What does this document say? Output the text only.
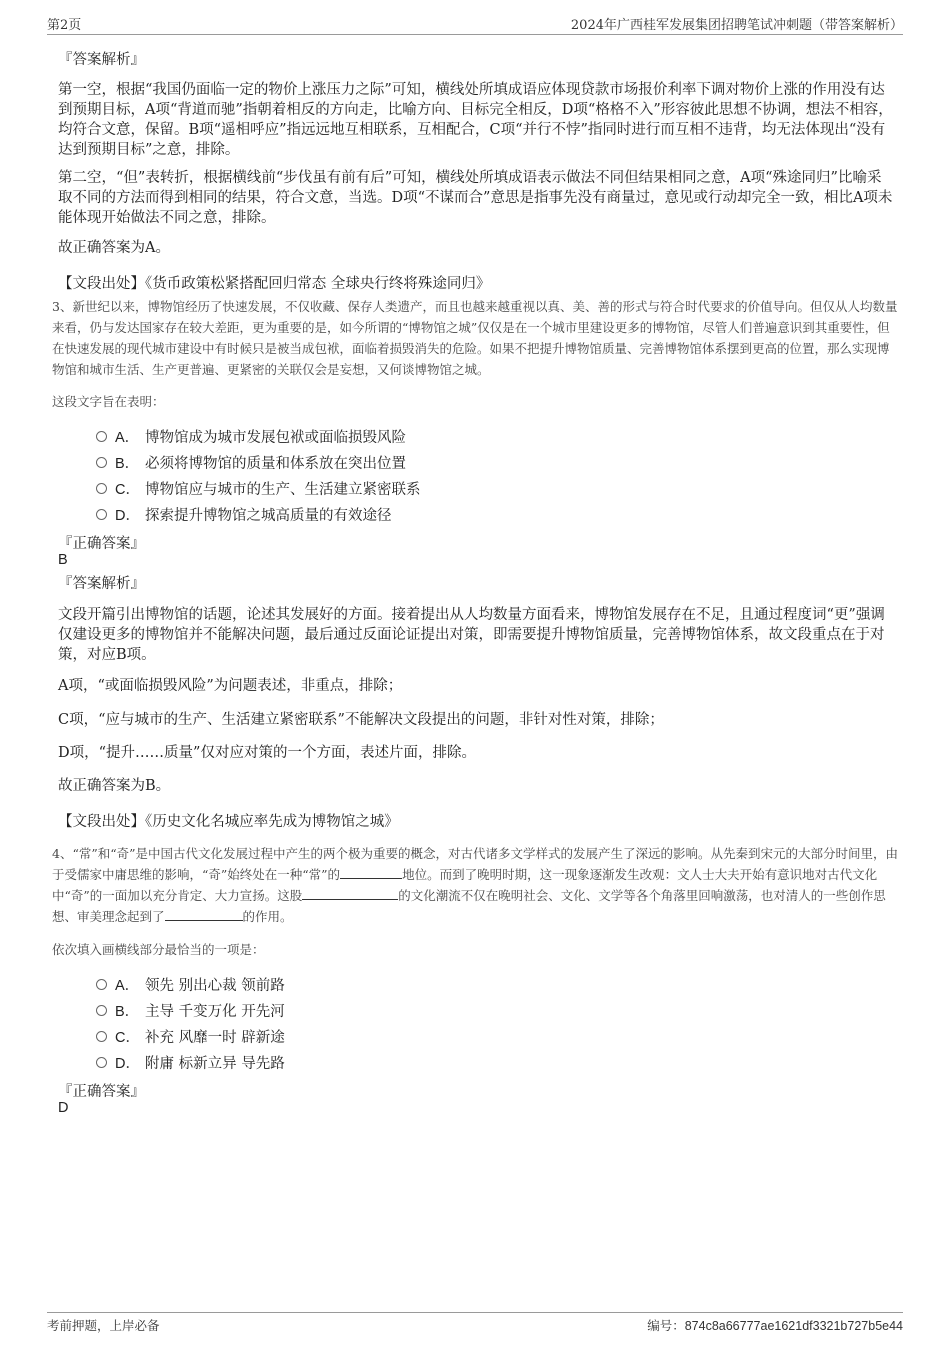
第2页	2024年广西桂军发展集团招聘笔试冲刺题（带答案解析）
『答案解析』

第一空，根据“我国仍面临一定的物价上涨压力之际”可知，横线处所填成语应体现贷款市场报价利率下调对物价上涨的作用没有达到预期目标，A项“背道而驰”指朝着相反的方向走，比喻方向、目标完全相反，D项“格格不入”形容彼此思想不协调，想法不相容，均符合文意，保留。B项“遥相呼应”指远远地互相联系，互相配合，C项“并行不悖”指同时进行而互相不违背，均无法体现出“没有达到预期目标”之意，排除。

第二空，“但”表转折，根据横线前“步伐虽有前有后”可知，横线处所填成语表示做法不同但结果相同之意，A项“殊途同归”比喻采取不同的方法而得到相同的结果，符合文意，当选。D项“不谋而合”意思是指事先没有商量过，意见或行动却完全一致，相比A项未能体现开始做法不同之意，排除。

故正确答案为A。

【文段出处】《货币政策松紧搭配回归常态 全球央行终将殊途同归》
3、新世纪以来，博物馆经历了快速发展，不仅收藏、保存人类遗产，而且也越来越重视以真、美、善的形式与符合时代要求的价值导向。但仅从人均数量来看，仍与发达国家存在较大差距，更为重要的是，如今所谓的“博物馆之城”仅仅是在一个城市里建设更多的博物馆，尽管人们普遍意识到其重要性，但在快速发展的现代城市建设中有时候只是被当成包袱，面临着损毁消失的危险。如果不把提升博物馆质量、完善博物馆体系摆到更高的位置，那么实现博物馆和城市生活、生产更普遍、更紧密的关联仅会是妄想，又何谈博物馆之城。
这段文字旨在表明：
A． 博物馆成为城市发展包袱或面临损毁风险
B． 必须将博物馆的质量和体系放在突出位置
C． 博物馆应与城市的生产、生活建立紧密联系
D． 探索提升博物馆之城高质量的有效途径
『正确答案』
B
『答案解析』

文段开篇引出博物馆的话题，论述其发展好的方面。接着提出从人均数量方面看来，博物馆发展存在不足，且通过程度词“更”强调仅建设更多的博物馆并不能解决问题，最后通过反面论证提出对策，即需要提升博物馆质量，完善博物馆体系，故文段重点在于对策，对应B项。

A项，“或面临损毁风险”为问题表述，非重点，排除；

C项，“应与城市的生产、生活建立紧密联系”不能解决文段提出的问题，非针对性对策，排除；

D项，“提升……质量”仅对应对策的一个方面，表述片面，排除。

故正确答案为B。

【文段出处】《历史文化名城应率先成为博物馆之城》
4、“常”和“奇”是中国古代文化发展过程中产生的两个极为重要的概念，对古代诸多文学样式的发展产生了深远的影响。从先秦到宋元的大部分时间里，由于受儒家中庸思维的影响，“奇”始终处在一种“常”的	地位。而到了晚明时期，这一现象逐渐发生改观：文人士大夫开始有意识地对古代文化中“奇”的一面加以充分肯定、大力宣扬。这股	的文化潮流不仅在晚明社会、文化、文学等各个角落里回响激荡，也对清人的一些创作思想、审美理念起到了	的作用。
依次填入画横线部分最恰当的一项是：
A． 领先 别出心裁 领前路
B． 主导 千变万化 开先河
C． 补充 风靡一时 辟新途
D． 附庸 标新立异 导先路
『正确答案』
D
考前押题，上岸必备	编号：874c8a66777ae1621df3321b727b5e44
